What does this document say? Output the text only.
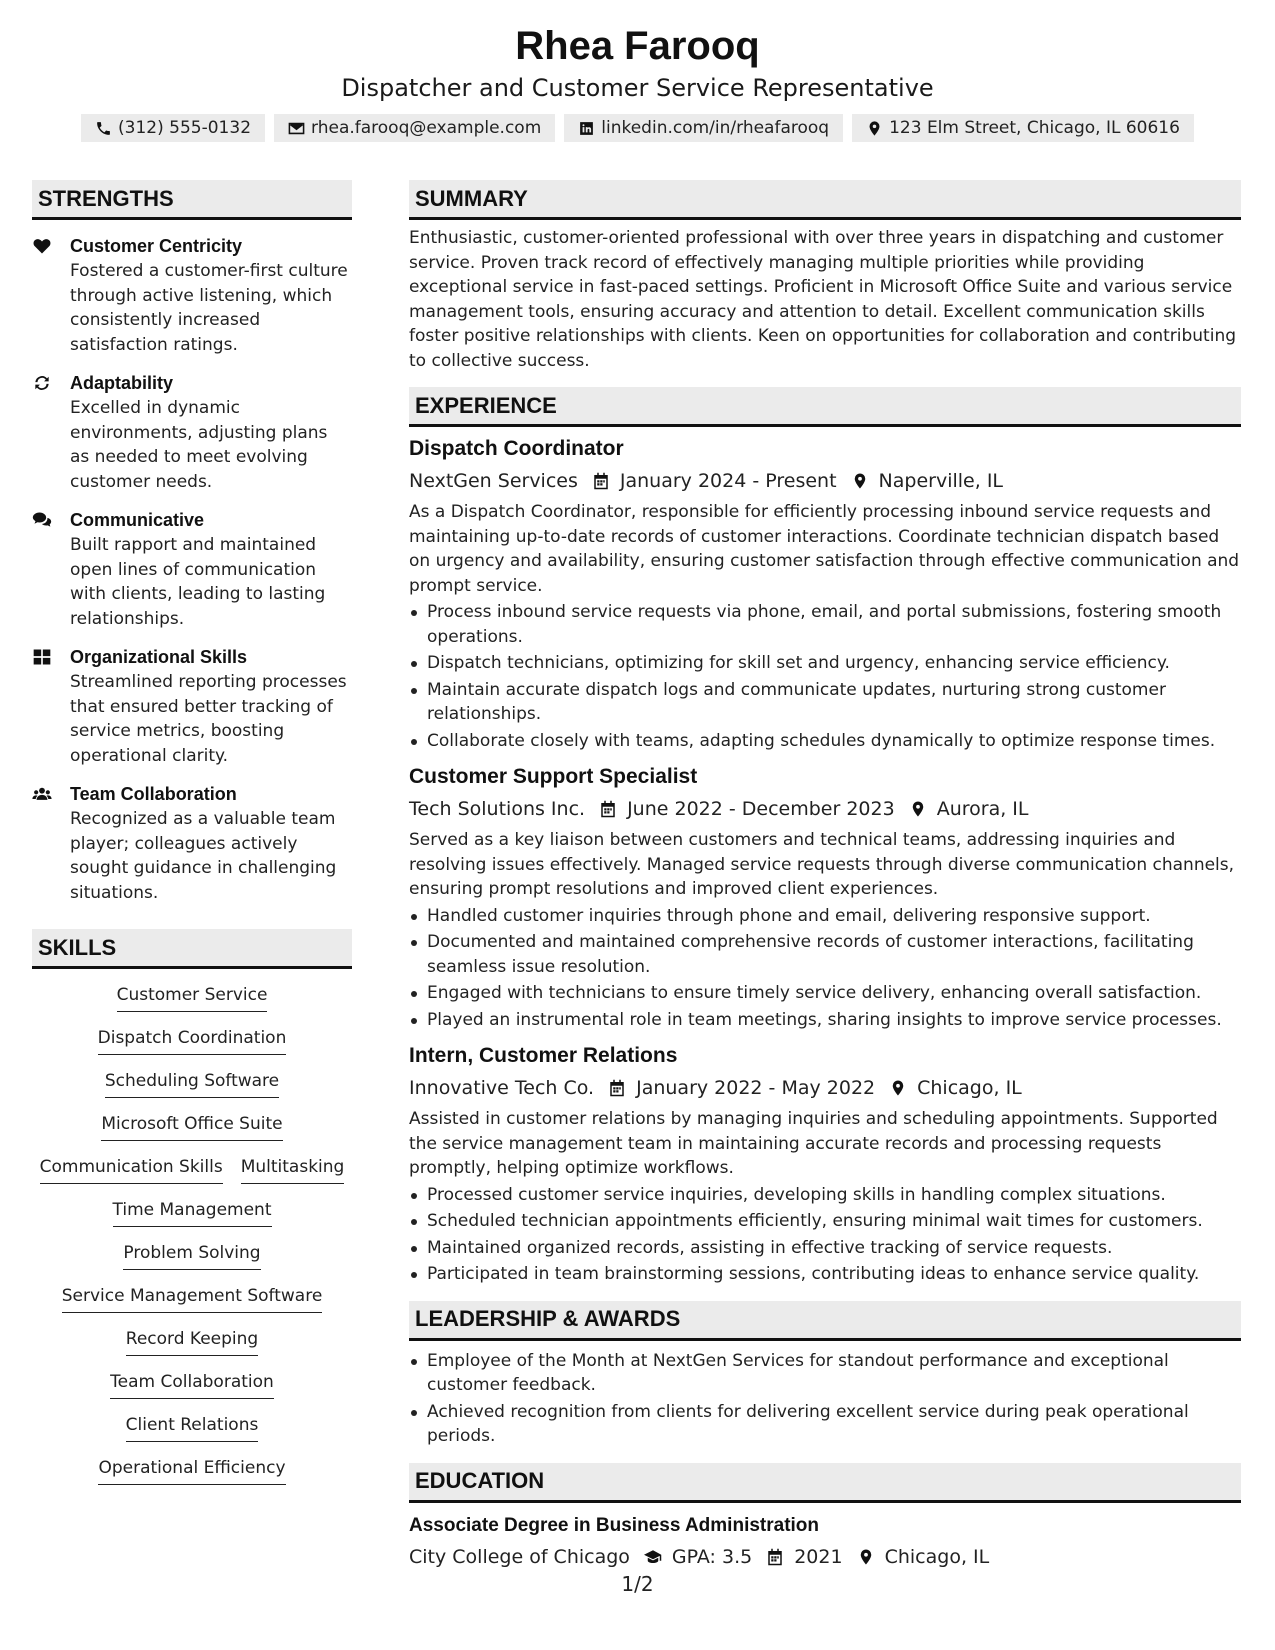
Rhea Farooq
Dispatcher and Customer Service Representative
(312) 555-0132	rhea.farooq@example.com	linkedin.com/in/rheafarooq	123 Elm Street, Chicago, IL 60616
STRENGTHS
Customer Centricity
Fostered a customer-first culture through active listening, which consistently increased satisfaction ratings.
Adaptability
Excelled in dynamic environments, adjusting plans as needed to meet evolving customer needs.
Communicative
Built rapport and maintained open lines of communication with clients, leading to lasting relationships.
Organizational Skills
Streamlined reporting processes that ensured better tracking of service metrics, boosting operational clarity.
Team Collaboration
Recognized as a valuable team player; colleagues actively sought guidance in challenging situations.
SKILLS
Customer Service
Dispatch Coordination
Scheduling Software
Microsoft Office Suite
Communication Skills Multitasking
Time Management
Problem Solving
Service Management Software
Record Keeping
Team Collaboration
Client Relations
Operational Efficiency
SUMMARY
Enthusiastic, customer-oriented professional with over three years in dispatching and customer service. Proven track record of effectively managing multiple priorities while providing exceptional service in fast-paced settings. Proficient in Microsoft Office Suite and various service management tools, ensuring accuracy and attention to detail. Excellent communication skills foster positive relationships with clients. Keen on opportunities for collaboration and contributing to collective success.
EXPERIENCE
Dispatch Coordinator
NextGen Services January 2024 - Present Naperville, IL
As a Dispatch Coordinator, responsible for efficiently processing inbound service requests and maintaining up-to-date records of customer interactions. Coordinate technician dispatch based on urgency and availability, ensuring customer satisfaction through effective communication and prompt service.
Process inbound service requests via phone, email, and portal submissions, fostering smooth operations.
Dispatch technicians, optimizing for skill set and urgency, enhancing service efficiency.
Maintain accurate dispatch logs and communicate updates, nurturing strong customer relationships.
Collaborate closely with teams, adapting schedules dynamically to optimize response times.
Customer Support Specialist
Tech Solutions Inc. June 2022 - December 2023 Aurora, IL
Served as a key liaison between customers and technical teams, addressing inquiries and resolving issues effectively. Managed service requests through diverse communication channels, ensuring prompt resolutions and improved client experiences.
Handled customer inquiries through phone and email, delivering responsive support.
Documented and maintained comprehensive records of customer interactions, facilitating seamless issue resolution.
Engaged with technicians to ensure timely service delivery, enhancing overall satisfaction.
Played an instrumental role in team meetings, sharing insights to improve service processes.
Intern, Customer Relations
Innovative Tech Co. January 2022 - May 2022 Chicago, IL
Assisted in customer relations by managing inquiries and scheduling appointments. Supported the service management team in maintaining accurate records and processing requests promptly, helping optimize workflows.
Processed customer service inquiries, developing skills in handling complex situations.
Scheduled technician appointments efficiently, ensuring minimal wait times for customers.
Maintained organized records, assisting in effective tracking of service requests.
Participated in team brainstorming sessions, contributing ideas to enhance service quality.
LEADERSHIP & AWARDS
Employee of the Month at NextGen Services for standout performance and exceptional customer feedback.
Achieved recognition from clients for delivering excellent service during peak operational periods.
EDUCATION
Associate Degree in Business Administration
City College of Chicago GPA: 3.5 2021 Chicago, IL
1/2
